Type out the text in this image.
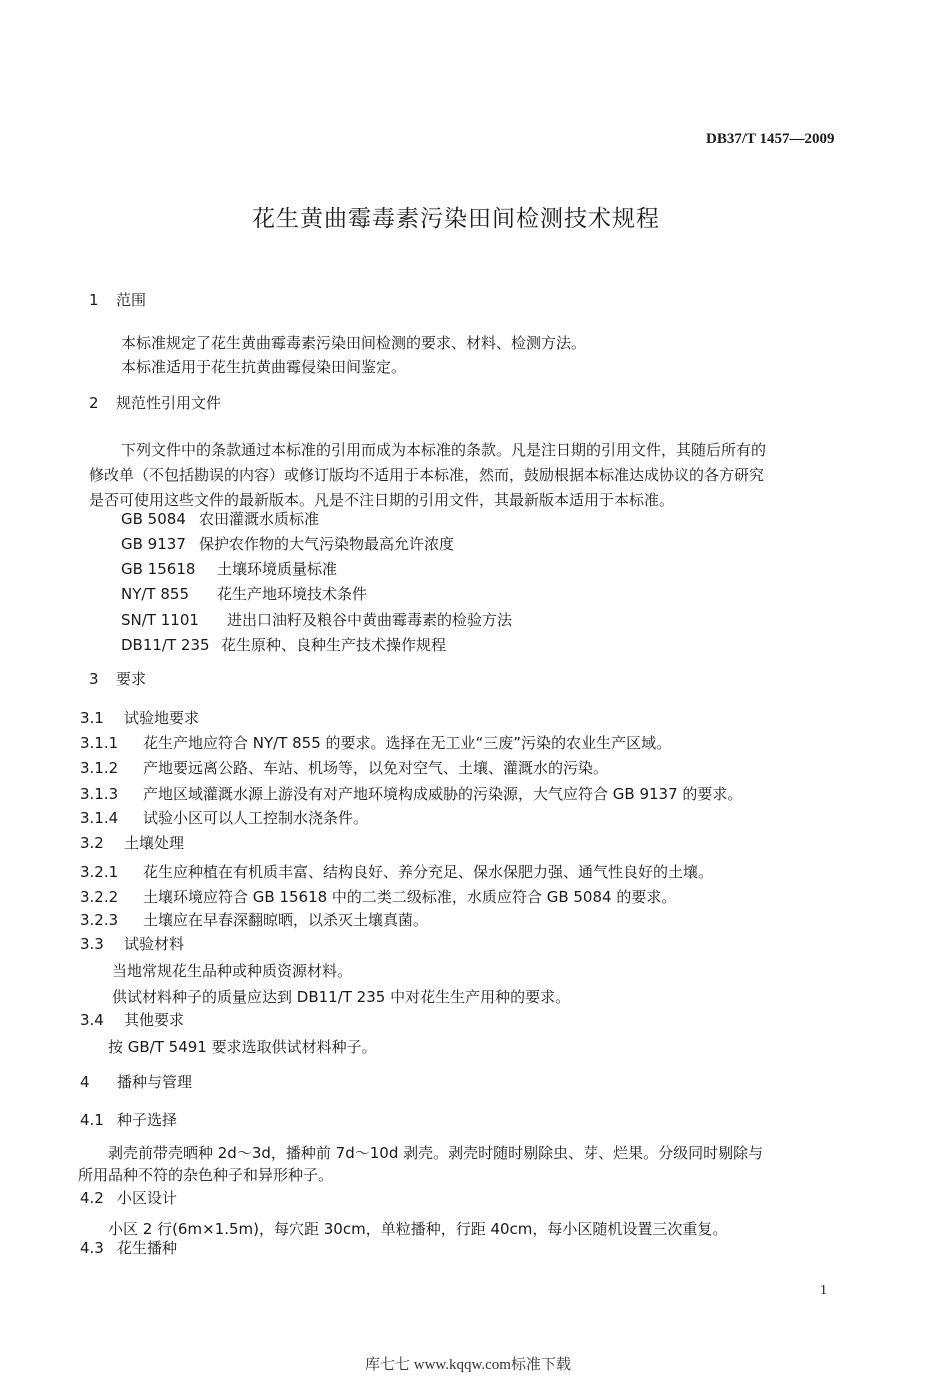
DB37/T 1457—2009
花生黄曲霉毒素污染田间检测技术规程
1 范围
本标准规定了花生黄曲霉毒素污染田间检测的要求、材料、检测方法。
本标准适用于花生抗黄曲霉侵染田间鉴定。
2 规范性引用文件
下列文件中的条款通过本标准的引用而成为本标准的条款。凡是注日期的引用文件，其随后所有的
修改单（不包括勘误的内容）或修订版均不适用于本标准，然而，鼓励根据本标准达成协议的各方研究
是否可使用这些文件的最新版本。凡是不注日期的引用文件，其最新版本适用于本标准。
GB 5084 农田灌溉水质标准
GB 9137 保护农作物的大气污染物最高允许浓度
GB 15618 土壤环境质量标准
NY/T 855 花生产地环境技术条件
SN/T 1101 进出口油籽及粮谷中黄曲霉毒素的检验方法
DB11/T 235 花生原种、良种生产技术操作规程
3 要求
3.1 试验地要求
3.1.1 花生产地应符合 NY/T 855 的要求。选择在无工业“三废”污染的农业生产区域。
3.1.2 产地要远离公路、车站、机场等，以免对空气、土壤、灌溉水的污染。
3.1.3 产地区域灌溉水源上游没有对产地环境构成威胁的污染源，大气应符合 GB 9137 的要求。
3.1.4 试验小区可以人工控制水浇条件。
3.2 土壤处理
3.2.1 花生应种植在有机质丰富、结构良好、养分充足、保水保肥力强、通气性良好的土壤。
3.2.2 土壤环境应符合 GB 15618 中的二类二级标准，水质应符合 GB 5084 的要求。
3.2.3 土壤应在早春深翻晾晒，以杀灭土壤真菌。
3.3 试验材料
当地常规花生品种或种质资源材料。
供试材料种子的质量应达到 DB11/T 235 中对花生生产用种的要求。
3.4 其他要求
按 GB/T 5491 要求选取供试材料种子。
4 播种与管理
4.1 种子选择
剥壳前带壳晒种 2d～3d，播种前 7d～10d 剥壳。剥壳时随时剔除虫、芽、烂果。分级同时剔除与
所用品种不符的杂色种子和异形种子。
4.2 小区设计
小区 2 行(6m×1.5m)，每穴距 30cm，单粒播种，行距 40cm，每小区随机设置三次重复。
4.3 花生播种
1
库七七 www.kqqw.com标准下载
